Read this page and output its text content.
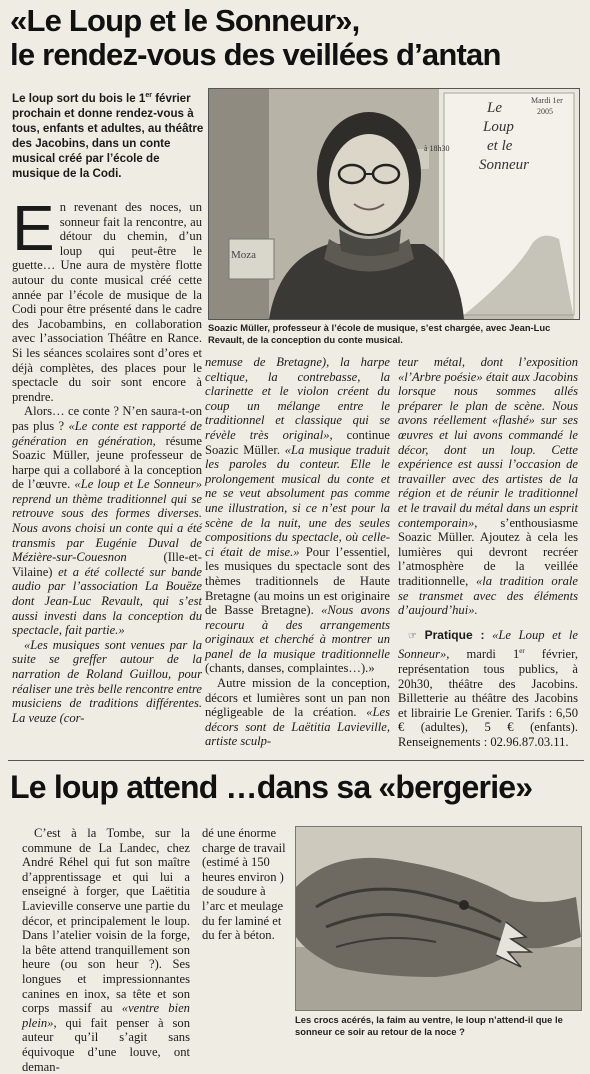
«Le Loup et le Sonneur»,
le rendez-vous des veillées d’antan

Le loup sort du bois le 1er février prochain et donne rendez-vous à tous, enfants et adultes, au théâtre des Jacobins, dans un conte musical créé par l’école de musique de la Codi.

Le
Loup
et le
Sonneur
Mardi 1er
2005
à 18h30
Moza
Soazic Müller, professeur à l’école de musique, s’est chargée, avec Jean-Luc Revault, de la conception du conte musical.

En revenant des noces, un sonneur fait la rencontre, au détour du chemin, d’un loup qui peut-être le guette… Une aura de mystère flotte autour du conte musical créé cette année par l’école de musique de la Codi pour être présenté dans le cadre des Jacobambins, en collaboration avec l’association Théâtre en Rance. Si les séances scolaires sont d’ores et déjà complètes, des places pour le spectacle du soir sont encore à prendre.

Alors… ce conte ? N’en saura-t-on pas plus ? «Le conte est rapporté de génération en génération, résume Soazic Müller, jeune professeur de harpe qui a collaboré à la conception de l’œuvre. «Le loup et Le Sonneur» reprend un thème traditionnel qui se retrouve sous des formes diverses. Nous avons choisi un conte qui a été transmis par Eugénie Duval de Mézière-sur-Couesnon (Ille-et-Vilaine) et a été collecté sur bande audio par l’association La Bouëze dont Jean-Luc Revault, qui s’est aussi investi dans la conception du spectacle, fait partie.»

«Les musiques sont venues par la suite se greffer autour de la narration de Roland Guillou, pour réaliser une très belle rencontre entre musiciens de traditions différentes. La veuze (cor-

nemuse de Bretagne), la harpe celtique, la contrebasse, la clarinette et le violon créent du coup un mélange entre le traditionnel et classique qui se révèle très original», continue Soazic Müller. «La musique traduit les paroles du conteur. Elle le prolongement musical du conte et ne se veut absolument pas comme une illustration, si ce n’est pour la scène de la nuit, une des seules compositions du spectacle, où celle-ci était de mise.» Pour l’essentiel, les musiques du spectacle sont des thèmes traditionnels de Haute Bretagne (au moins un est originaire de Basse Bretagne). «Nous avons recouru à des arrangements originaux et cherché à montrer un panel de la musique traditionnelle (chants, danses, complaintes…).»

Autre mission de la conception, décors et lumières sont un pan non négligeable de la création. «Les décors sont de Laëtitia Lavieville, artiste sculp-

teur métal, dont l’exposition «l’Arbre poésie» était aux Jacobins lorsque nous sommes allés préparer le plan de scène. Nous avons réellement «flashé» sur ses œuvres et lui avons commandé le décor, dont un loup. Cette expérience est aussi l’occasion de travailler avec des artistes de la région et de réunir le traditionnel et le travail du métal dans un esprit contemporain», s’enthousiasme Soazic Müller. Ajoutez à cela les lumières qui devront recréer l’atmosphère de la veillée traditionnelle, «la tradition orale se transmet avec des éléments d’aujourd’hui».

☞ Pratique : «Le Loup et le Sonneur», mardi 1er février, représentation tous publics, à 20h30, théâtre des Jacobins. Billetterie au théâtre des Jacobins et librairie Le Grenier. Tarifs : 6,50 € (adultes), 5 € (enfants). Renseignements : 02.96.87.03.11.

Le loup attend …dans sa «bergerie»

C’est à la Tombe, sur la commune de La Landec, chez André Réhel qui fut son maître d’apprentissage et qui lui a enseigné à forger, que Laëtitia Lavieville conserve une partie du décor, et principalement le loup. Dans l’atelier voisin de la forge, la bête attend tranquillement son heure (ou son heur ?). Ses longues et impressionnantes canines en inox, sa tête et son corps massif au «ventre bien plein», qui fait penser à son auteur qu’il s’agit sans équivoque d’une louve, ont deman-

dé une énorme charge de travail (estimé à 150 heures environ ) de soudure à l’arc et meulage du fer laminé et du fer à béton.
Les crocs acérés, la faim au ventre, le loup n’attend-il que le sonneur ce soir au retour de la noce ?
